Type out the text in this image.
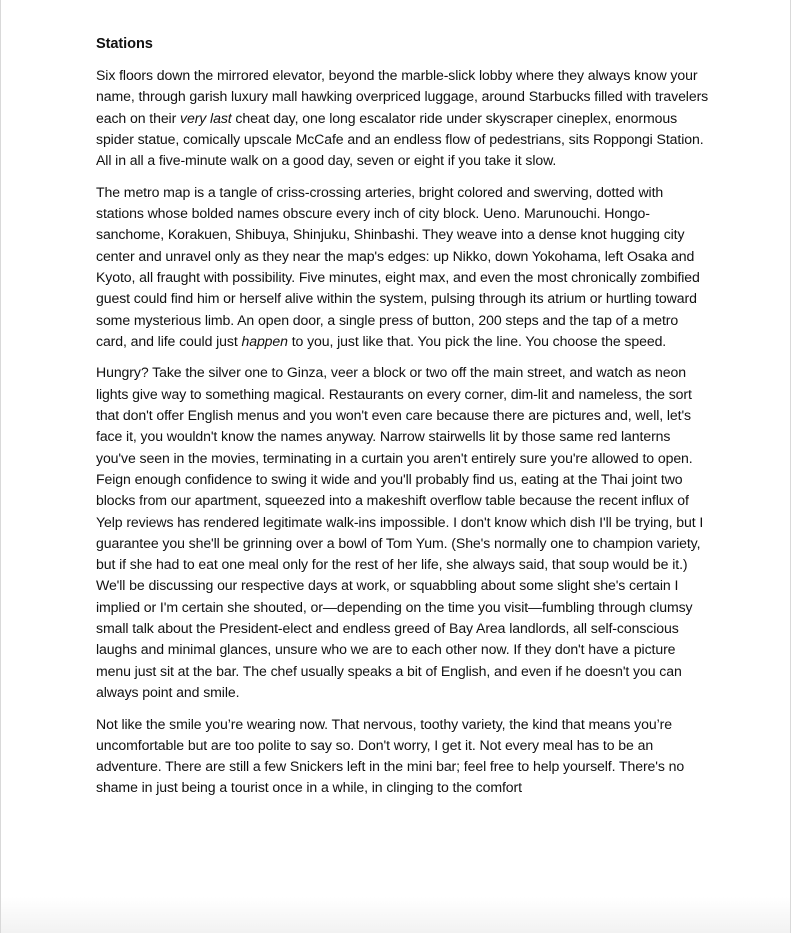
Stations

Six floors down the mirrored elevator, beyond the marble-slick lobby where they always know your name, through garish luxury mall hawking overpriced luggage, around Starbucks filled with travelers each on their very last cheat day, one long escalator ride under skyscraper cineplex, enormous spider statue, comically upscale McCafe and an endless flow of pedestrians, sits Roppongi Station. All in all a five-minute walk on a good day, seven or eight if you take it slow.

The metro map is a tangle of criss-crossing arteries, bright colored and swerving, dotted with stations whose bolded names obscure every inch of city block. Ueno. Marunouchi. Hongo-sanchome, Korakuen, Shibuya, Shinjuku, Shinbashi. They weave into a dense knot hugging city center and unravel only as they near the map's edges: up Nikko, down Yokohama, left Osaka and Kyoto, all fraught with possibility. Five minutes, eight max, and even the most chronically zombified guest could find him or herself alive within the system, pulsing through its atrium or hurtling toward some mysterious limb. An open door, a single press of button, 200 steps and the tap of a metro card, and life could just happen to you, just like that. You pick the line. You choose the speed.

Hungry? Take the silver one to Ginza, veer a block or two off the main street, and watch as neon lights give way to something magical. Restaurants on every corner, dim-lit and nameless, the sort that don't offer English menus and you won't even care because there are pictures and, well, let's face it, you wouldn't know the names anyway. Narrow stairwells lit by those same red lanterns you've seen in the movies, terminating in a curtain you aren't entirely sure you're allowed to open. Feign enough confidence to swing it wide and you'll probably find us, eating at the Thai joint two blocks from our apartment, squeezed into a makeshift overflow table because the recent influx of Yelp reviews has rendered legitimate walk-ins impossible. I don't know which dish I'll be trying, but I guarantee you she'll be grinning over a bowl of Tom Yum. (She's normally one to champion variety, but if she had to eat one meal only for the rest of her life, she always said, that soup would be it.) We'll be discussing our respective days at work, or squabbling about some slight she's certain I implied or I'm certain she shouted, or—depending on the time you visit—fumbling through clumsy small talk about the President-elect and endless greed of Bay Area landlords, all self-conscious laughs and minimal glances, unsure who we are to each other now. If they don't have a picture menu just sit at the bar. The chef usually speaks a bit of English, and even if he doesn't you can always point and smile.

Not like the smile you’re wearing now. That nervous, toothy variety, the kind that means you’re uncomfortable but are too polite to say so. Don't worry, I get it. Not every meal has to be an adventure. There are still a few Snickers left in the mini bar; feel free to help yourself. There's no shame in just being a tourist once in a while, in clinging to the comfort
